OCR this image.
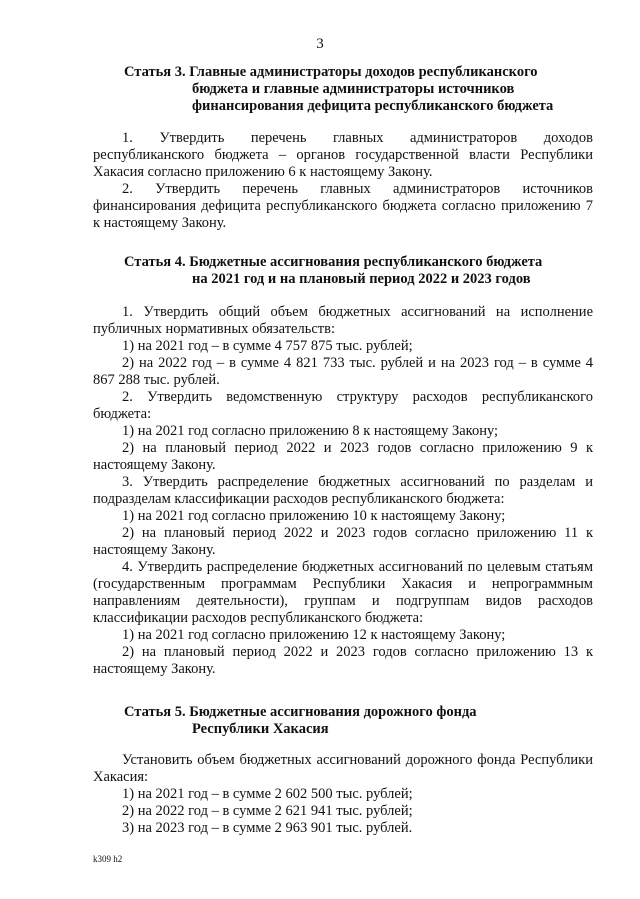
3
Статья 3. Главные администраторы доходов республиканского
бюджета и главные администраторы источников
финансирования дефицита республиканского бюджета

1. Утвердить перечень главных администраторов доходов республиканского бюджета – органов государственной власти Республики Хакасия согласно приложению 6 к настоящему Закону.

2. Утвердить перечень главных администраторов источников финансирования дефицита республиканского бюджета согласно приложению 7 к настоящему Закону.

Статья 4. Бюджетные ассигнования республиканского бюджета
на 2021 год и на плановый период 2022 и 2023 годов

1. Утвердить общий объем бюджетных ассигнований на исполнение публичных нормативных обязательств:

1) на 2021 год – в сумме 4 757 875 тыс. рублей;

2) на 2022 год – в сумме 4 821 733 тыс. рублей и на 2023 год – в сумме 4 867 288 тыс. рублей.

2. Утвердить ведомственную структуру расходов республиканского бюджета:

1) на 2021 год согласно приложению 8 к настоящему Закону;

2) на плановый период 2022 и 2023 годов согласно приложению 9 к настоящему Закону.

3. Утвердить распределение бюджетных ассигнований по разделам и подразделам классификации расходов республиканского бюджета:

1) на 2021 год согласно приложению 10 к настоящему Закону;

2) на плановый период 2022 и 2023 годов согласно приложению 11 к настоящему Закону.

4. Утвердить распределение бюджетных ассигнований по целевым статьям (государственным программам Республики Хакасия и непрограммным направлениям деятельности), группам и подгруппам видов расходов классификации расходов республиканского бюджета:

1) на 2021 год согласно приложению 12 к настоящему Закону;

2) на плановый период 2022 и 2023 годов согласно приложению 13 к настоящему Закону.

Статья 5. Бюджетные ассигнования дорожного фонда
Республики Хакасия

Установить объем бюджетных ассигнований дорожного фонда Республики Хакасия:

1) на 2021 год – в сумме 2 602 500 тыс. рублей;

2) на 2022 год – в сумме 2 621 941 тыс. рублей;

3) на 2023 год – в сумме 2 963 901 тыс. рублей.

k309 h2
